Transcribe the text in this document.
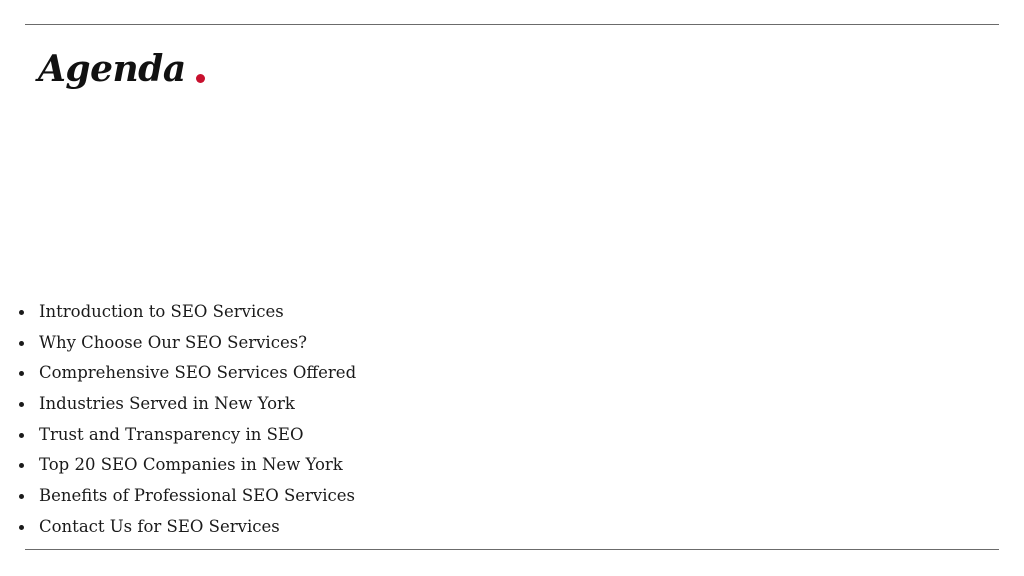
Agenda
Introduction to SEO Services
Why Choose Our SEO Services?
Comprehensive SEO Services Offered
Industries Served in New York
Trust and Transparency in SEO
Top 20 SEO Companies in New York
Benefits of Professional SEO Services
Contact Us for SEO Services
